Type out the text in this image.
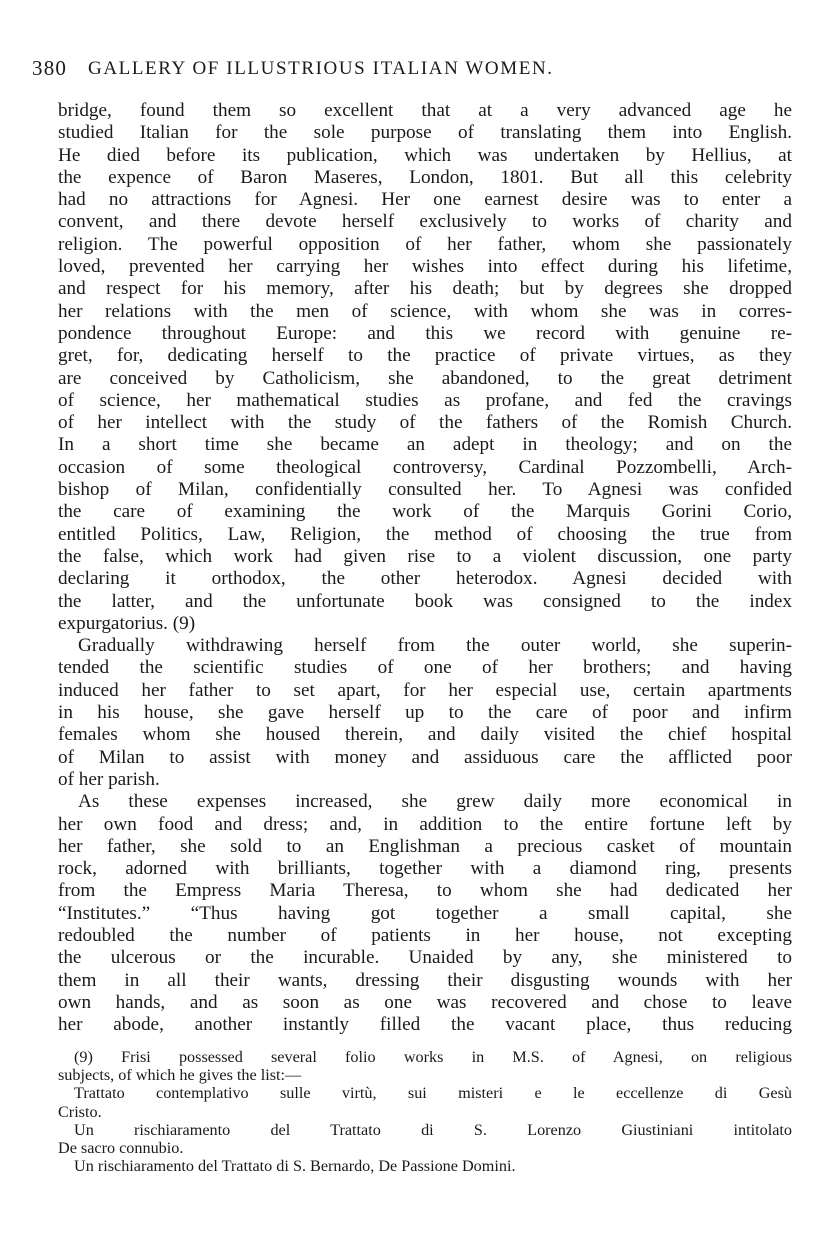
380 GALLERY OF ILLUSTRIOUS ITALIAN WOMEN.
bridge, found them so excellent that at a very advanced age he
studied Italian for the sole purpose of translating them into English.
He died before its publication, which was undertaken by Hellius, at
the expence of Baron Maseres, London, 1801. But all this celebrity
had no attractions for Agnesi. Her one earnest desire was to enter a
convent, and there devote herself exclusively to works of charity and
religion. The powerful opposition of her father, whom she passionately
loved, prevented her carrying her wishes into effect during his lifetime,
and respect for his memory, after his death; but by degrees she dropped
her relations with the men of science, with whom she was in corres-
pondence throughout Europe: and this we record with genuine re-
gret, for, dedicating herself to the practice of private virtues, as they
are conceived by Catholicism, she abandoned, to the great detriment
of science, her mathematical studies as profane, and fed the cravings
of her intellect with the study of the fathers of the Romish Church.
In a short time she became an adept in theology; and on the
occasion of some theological controversy, Cardinal Pozzombelli, Arch-
bishop of Milan, confidentially consulted her. To Agnesi was confided
the care of examining the work of the Marquis Gorini Corio,
entitled Politics, Law, Religion, the method of choosing the true from
the false, which work had given rise to a violent discussion, one party
declaring it orthodox, the other heterodox. Agnesi decided with
the latter, and the unfortunate book was consigned to the index
expurgatorius. (9)
Gradually withdrawing herself from the outer world, she superin-
tended the scientific studies of one of her brothers; and having
induced her father to set apart, for her especial use, certain apartments
in his house, she gave herself up to the care of poor and infirm
females whom she housed therein, and daily visited the chief hospital
of Milan to assist with money and assiduous care the afflicted poor
of her parish.
As these expenses increased, she grew daily more economical in
her own food and dress; and, in addition to the entire fortune left by
her father, she sold to an Englishman a precious casket of mountain
rock, adorned with brilliants, together with a diamond ring, presents
from the Empress Maria Theresa, to whom she had dedicated her
“Institutes.” “Thus having got together a small capital, she
redoubled the number of patients in her house, not excepting
the ulcerous or the incurable. Unaided by any, she ministered to
them in all their wants, dressing their disgusting wounds with her
own hands, and as soon as one was recovered and chose to leave
her abode, another instantly filled the vacant place, thus reducing
(9) Frisi possessed several folio works in M.S. of Agnesi, on religious
subjects, of which he gives the list:—
Trattato contemplativo sulle virtù, sui misteri e le eccellenze di Gesù
Cristo.
Un rischiaramento del Trattato di S. Lorenzo Giustiniani intitolato
De sacro connubio.
Un rischiaramento del Trattato di S. Bernardo, De Passione Domini.
